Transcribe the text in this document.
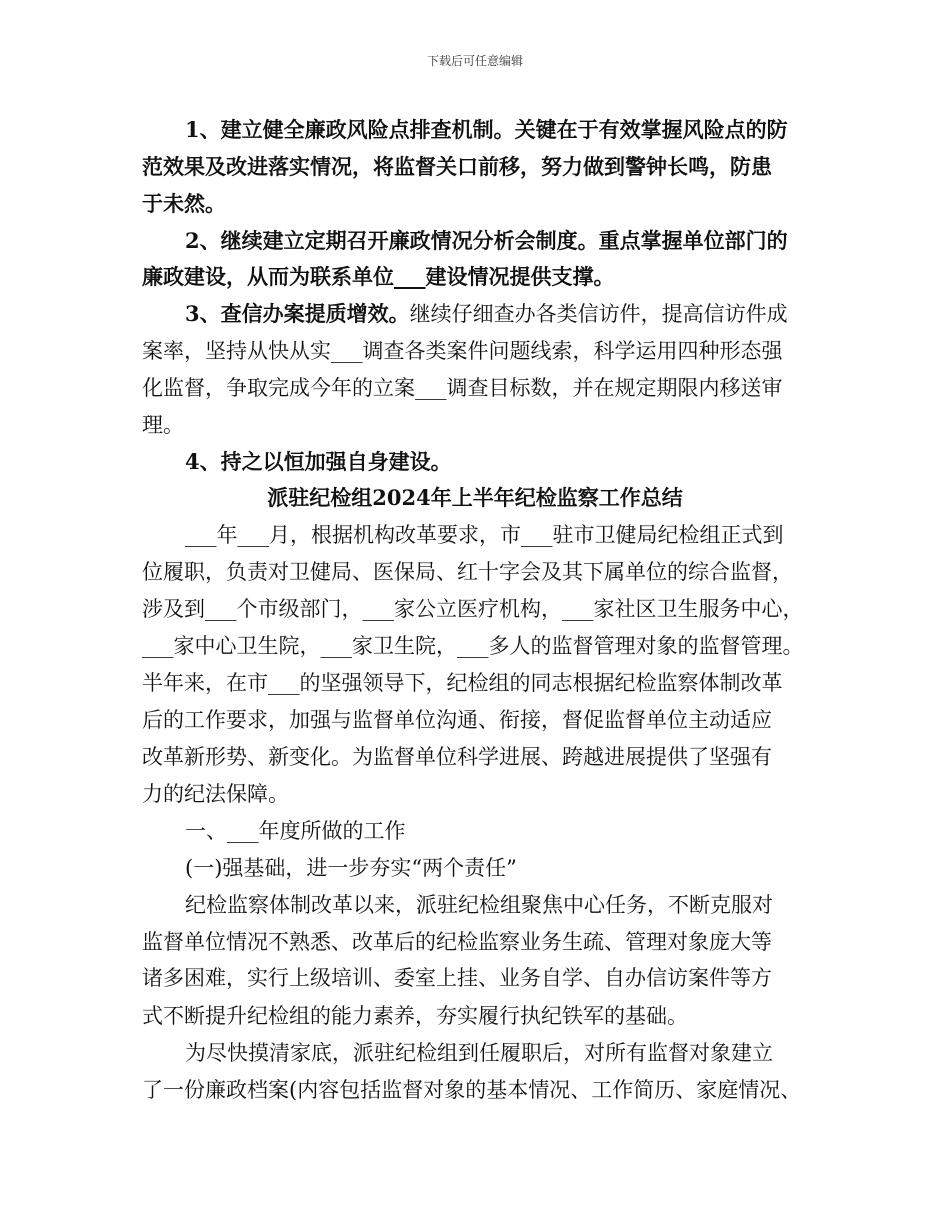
下载后可任意编辑

1、建立健全廉政风险点排查机制。关键在于有效掌握风险点的防

范效果及改进落实情况，将监督关口前移，努力做到警钟长鸣，防患

于未然。

2、继续建立定期召开廉政情况分析会制度。重点掌握单位部门的

廉政建设，从而为联系单位___建设情况提供支撑。

3、查信办案提质增效。继续仔细查办各类信访件，提高信访件成

案率，坚持从快从实___调查各类案件问题线索，科学运用四种形态强

化监督，争取完成今年的立案___调查目标数，并在规定期限内移送审

理。

4、持之以恒加强自身建设。

派驻纪检组2024年上半年纪检监察工作总结

___年___月，根据机构改革要求，市___驻市卫健局纪检组正式到

位履职，负责对卫健局、医保局、红十字会及其下属单位的综合监督，

涉及到___个市级部门，___家公立医疗机构，___家社区卫生服务中心，

___家中心卫生院，___家卫生院，___多人的监督管理对象的监督管理。

半年来，在市___的坚强领导下，纪检组的同志根据纪检监察体制改革

后的工作要求，加强与监督单位沟通、衔接，督促监督单位主动适应

改革新形势、新变化。为监督单位科学进展、跨越进展提供了坚强有

力的纪法保障。

一、___年度所做的工作

(一)强基础，进一步夯实“两个责任”

纪检监察体制改革以来，派驻纪检组聚焦中心任务，不断克服对

监督单位情况不熟悉、改革后的纪检监察业务生疏、管理对象庞大等

诸多困难，实行上级培训、委室上挂、业务自学、自办信访案件等方

式不断提升纪检组的能力素养，夯实履行执纪铁军的基础。

为尽快摸清家底，派驻纪检组到任履职后，对所有监督对象建立

了一份廉政档案(内容包括监督对象的基本情况、工作简历、家庭情况、
